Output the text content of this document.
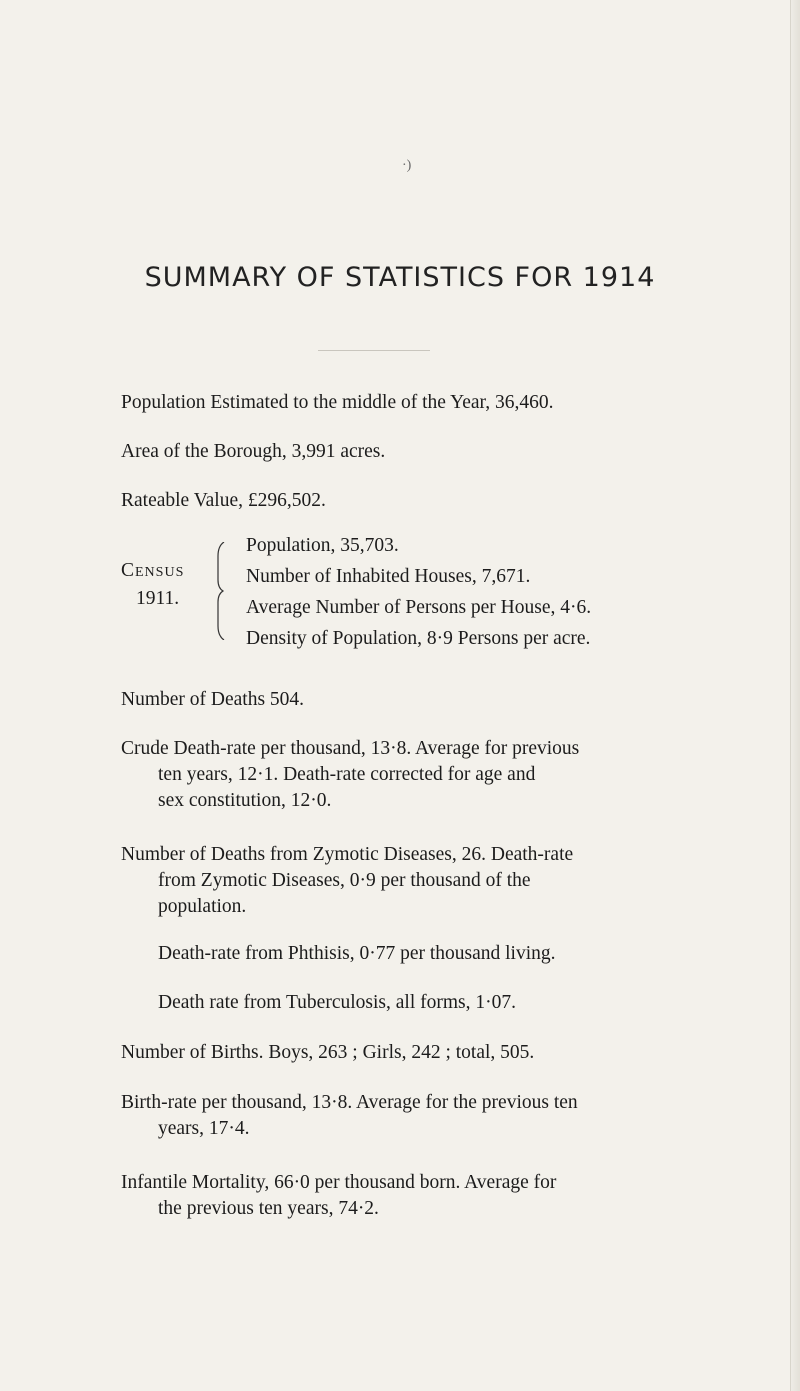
·)
SUMMARY OF STATISTICS FOR 1914
Population Estimated to the middle of the Year, 36,460.
Area of the Borough, 3,991 acres.
Rateable Value, £296,502.
Census
1911.
Population, 35,703.
Number of Inhabited Houses, 7,671.
Average Number of Persons per House, 4·6.
Density of Population, 8·9 Persons per acre.
Number of Deaths 504.
Crude Death-rate per thousand, 13·8. Average for previous
ten years, 12·1. Death-rate corrected for age and
sex constitution, 12·0.
Number of Deaths from Zymotic Diseases, 26. Death-rate
from Zymotic Diseases, 0·9 per thousand of the
population.
Death-rate from Phthisis, 0·77 per thousand living.
Death rate from Tuberculosis, all forms, 1·07.
Number of Births. Boys, 263 ; Girls, 242 ; total, 505.
Birth-rate per thousand, 13·8. Average for the previous ten
years, 17·4.
Infantile Mortality, 66·0 per thousand born. Average for
the previous ten years, 74·2.
